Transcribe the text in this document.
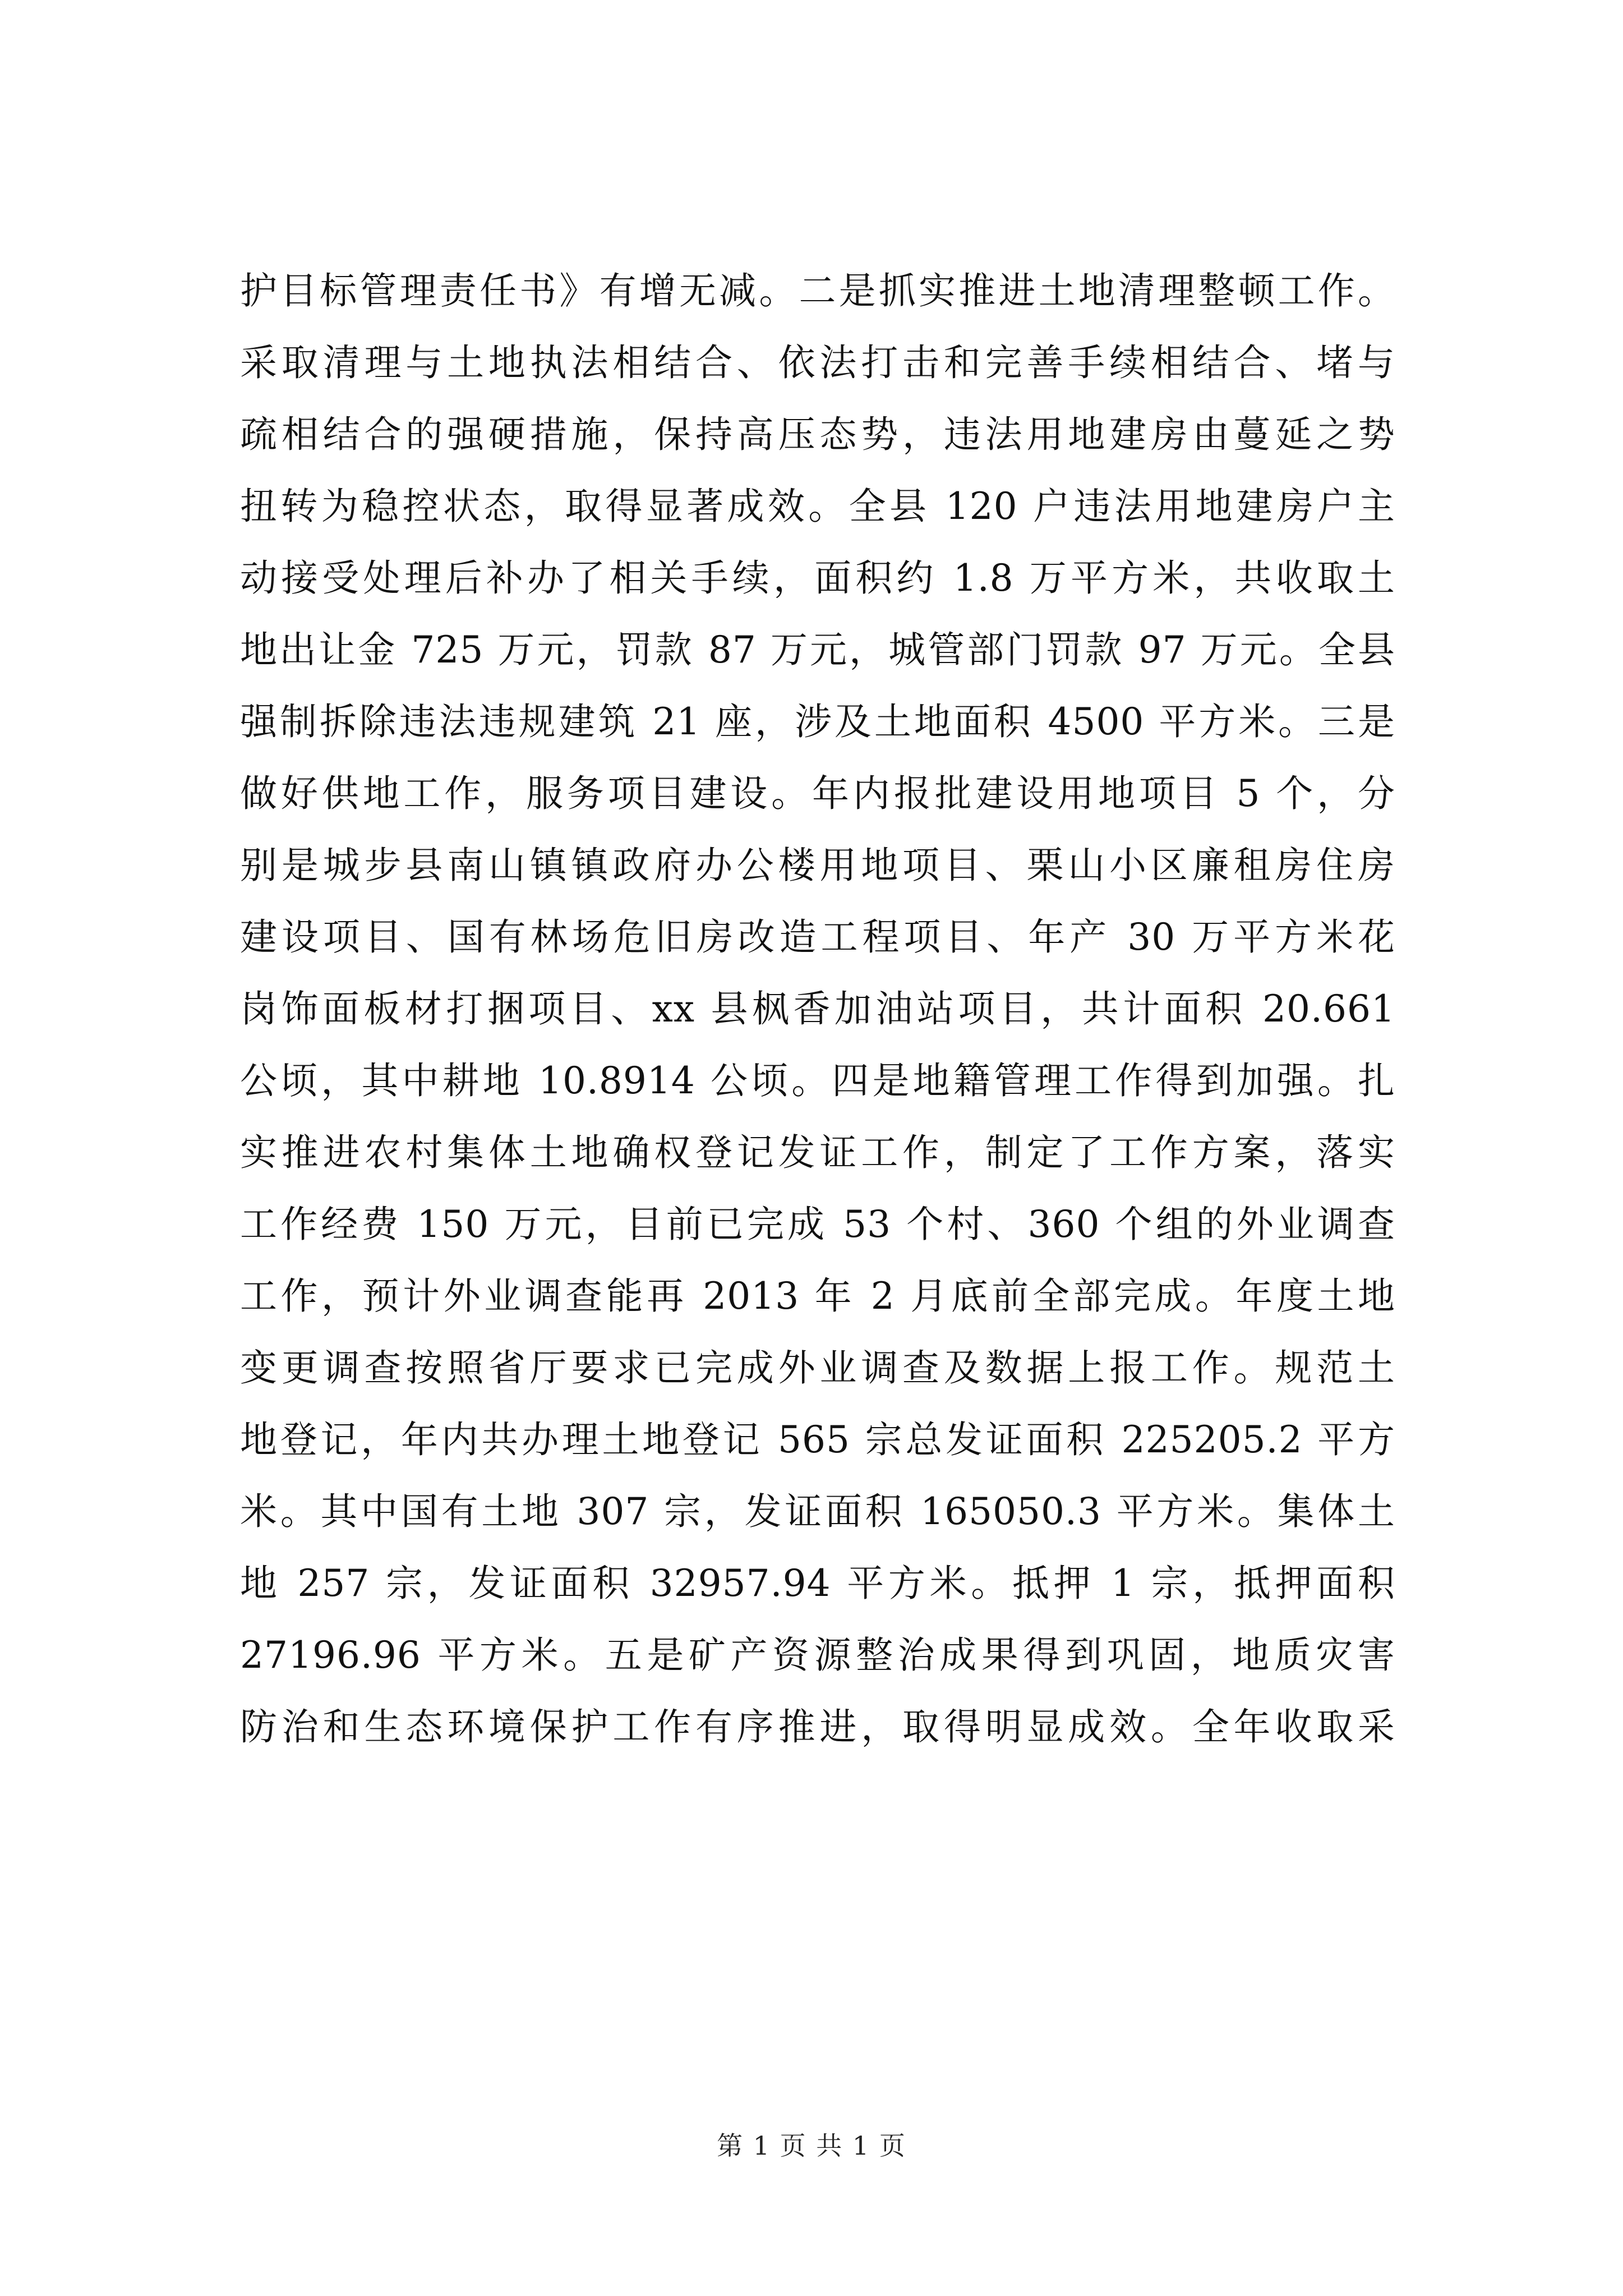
护目标管理责任书》有增无减。二是抓实推进土地清理整顿工作。
采取清理与土地执法相结合、依法打击和完善手续相结合、堵与
疏相结合的强硬措施，保持高压态势，违法用地建房由蔓延之势
扭转为稳控状态，取得显著成效。全县 120 户违法用地建房户主
动接受处理后补办了相关手续，面积约 1.8 万平方米，共收取土
地出让金 725 万元，罚款 87 万元，城管部门罚款 97 万元。全县
强制拆除违法违规建筑 21 座，涉及土地面积 4500 平方米。三是
做好供地工作，服务项目建设。年内报批建设用地项目 5 个，分
别是城步县南山镇镇政府办公楼用地项目、栗山小区廉租房住房
建设项目、国有林场危旧房改造工程项目、年产 30 万平方米花
岗饰面板材打捆项目、xx 县枫香加油站项目，共计面积 20.661
公顷，其中耕地 10.8914 公顷。四是地籍管理工作得到加强。扎
实推进农村集体土地确权登记发证工作，制定了工作方案，落实
工作经费 150 万元，目前已完成 53 个村、360 个组的外业调查
工作，预计外业调查能再 2013 年 2 月底前全部完成。年度土地
变更调查按照省厅要求已完成外业调查及数据上报工作。规范土
地登记，年内共办理土地登记 565 宗总发证面积 225205.2 平方
米。其中国有土地 307 宗，发证面积 165050.3 平方米。集体土
地 257 宗，发证面积 32957.94 平方米。抵押 1 宗，抵押面积
27196.96 平方米。五是矿产资源整治成果得到巩固，地质灾害
防治和生态环境保护工作有序推进，取得明显成效。全年收取采
第 1 页 共 1 页
